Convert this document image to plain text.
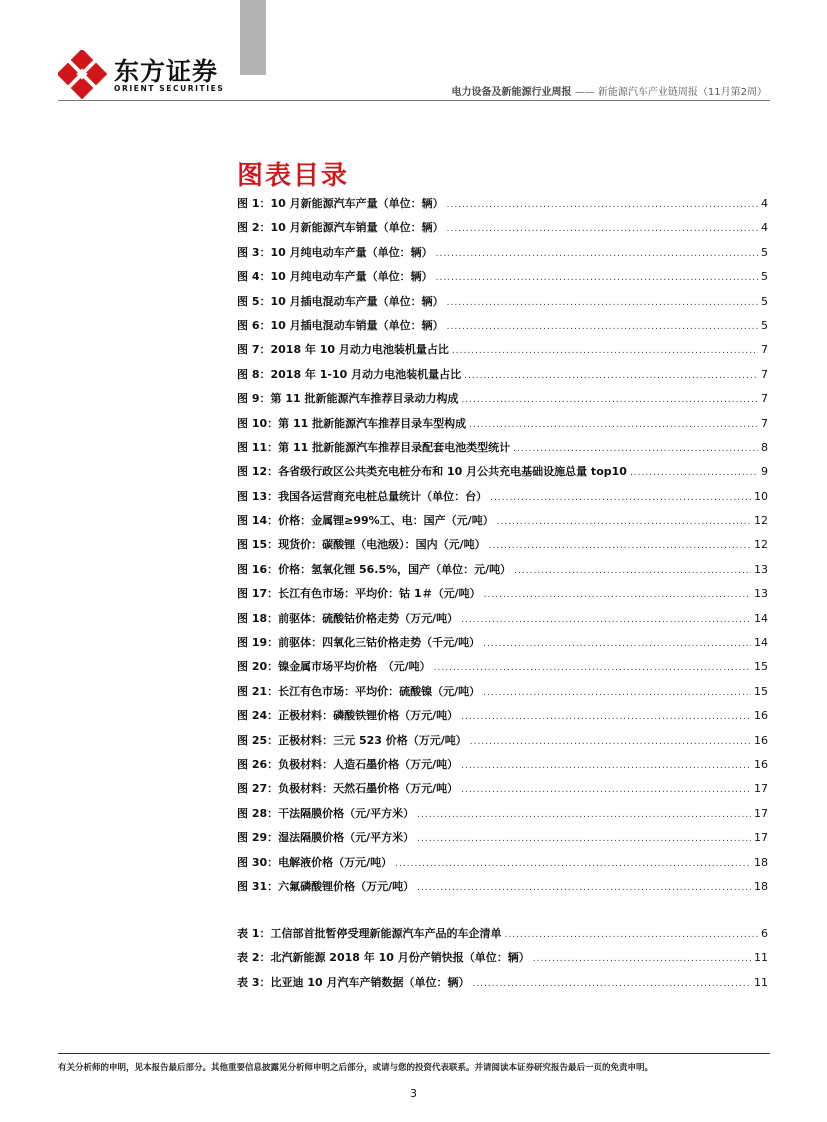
东方证券
ORIENT SECURITIES	电力设备及新能源行业周报 —— 新能源汽车产业链周报（11月第2周）
图表目录
图 1：10 月新能源汽车产量（单位：辆） .....	4
图 2：10 月新能源汽车销量（单位：辆） .....	4
图 3：10 月纯电动车产量（单位：辆） .....	5
图 4：10 月纯电动车产量（单位：辆） .....	5
图 5：10 月插电混动车产量（单位：辆） .....	5
图 6：10 月插电混动车销量（单位：辆） .....	5
图 7：2018 年 10 月动力电池装机量占比 .....	7
图 8：2018 年 1-10 月动力电池装机量占比 .....	7
图 9：第 11 批新能源汽车推荐目录动力构成 .....	7
图 10：第 11 批新能源汽车推荐目录车型构成 .....	7
图 11：第 11 批新能源汽车推荐目录配套电池类型统计 .....	8
图 12：各省级行政区公共类充电桩分布和 10 月公共充电基础设施总量 top10 .....	9
图 13：我国各运营商充电桩总量统计（单位：台） .....	10
图 14：价格：金属锂≥99%工、电：国产（元/吨） .....	12
图 15：现货价：碳酸锂（电池级）：国内（元/吨） .....	12
图 16：价格：氢氧化锂 56.5%，国产（单位：元/吨） .....	13
图 17：长江有色市场：平均价：钴 1＃（元/吨） .....	13
图 18：前驱体：硫酸钴价格走势（万元/吨） .....	14
图 19：前驱体：四氧化三钴价格走势（千元/吨） .....	14
图 20：镍金属市场平均价格　（元/吨） .....	15
图 21：长江有色市场：平均价：硫酸镍（元/吨） .....	15
图 24：正极材料：磷酸铁锂价格（万元/吨） .....	16
图 25：正极材料：三元 523 价格（万元/吨） .....	16
图 26：负极材料：人造石墨价格（万元/吨） .....	16
图 27：负极材料：天然石墨价格（万元/吨） .....	17
图 28：干法隔膜价格（元/平方米） .....	17
图 29：湿法隔膜价格（元/平方米） .....	17
图 30：电解液价格（万元/吨） .....	18
图 31：六氟磷酸锂价格（万元/吨） .....	18
表 1：工信部首批暂停受理新能源汽车产品的车企清单 .....	6
表 2：北汽新能源 2018 年 10 月份产销快报（单位：辆） .....	11
表 3：比亚迪 10 月汽车产销数据（单位：辆） .....	11
有关分析师的申明，见本报告最后部分。其他重要信息披露见分析师申明之后部分，或请与您的投资代表联系。并请阅读本证券研究报告最后一页的免责申明。
3
